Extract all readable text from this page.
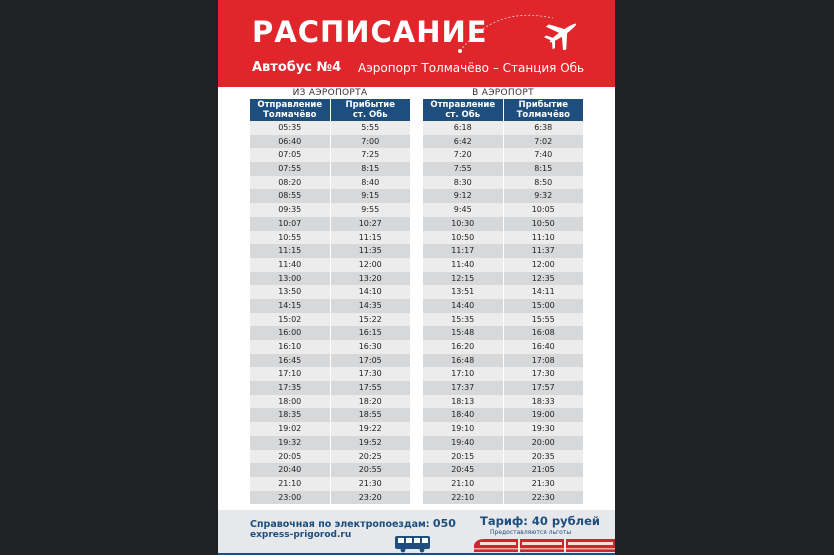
РАСПИСАНИЕ
Автобус №4 Аэропорт Толмачёво – Станция Обь
ИЗ АЭРОПОРТА
Отправление
Толмачёво
Прибытие
ст. Обь
05:35	5:55
06:40	7:00
07:05	7:25
07:55	8:15
08:20	8:40
08:55	9:15
09:35	9:55
10:07	10:27
10:55	11:15
11:15	11:35
11:40	12:00
13:00	13:20
13:50	14:10
14:15	14:35
15:02	15:22
16:00	16:15
16:10	16:30
16:45	17:05
17:10	17:30
17:35	17:55
18:00	18:20
18:35	18:55
19:02	19:22
19:32	19:52
20:05	20:25
20:40	20:55
21:10	21:30
23:00	23:20
В АЭРОПОРТ
Отправление
ст. Обь
Прибытие
Толмачёво
6:18	6:38
6:42	7:02
7:20	7:40
7:55	8:15
8:30	8:50
9:12	9:32
9:45	10:05
10:30	10:50
10:50	11:10
11:17	11:37
11:40	12:00
12:15	12:35
13:51	14:11
14:40	15:00
15:35	15:55
15:48	16:08
16:20	16:40
16:48	17:08
17:10	17:30
17:37	17:57
18:13	18:33
18:40	19:00
19:10	19:30
19:40	20:00
20:15	20:35
20:45	21:05
21:10	21:30
22:10	22:30
Справочная по электропоездам: 050
express-prigorod.ru
Тариф: 40 рублей
Предоставляются льготы
